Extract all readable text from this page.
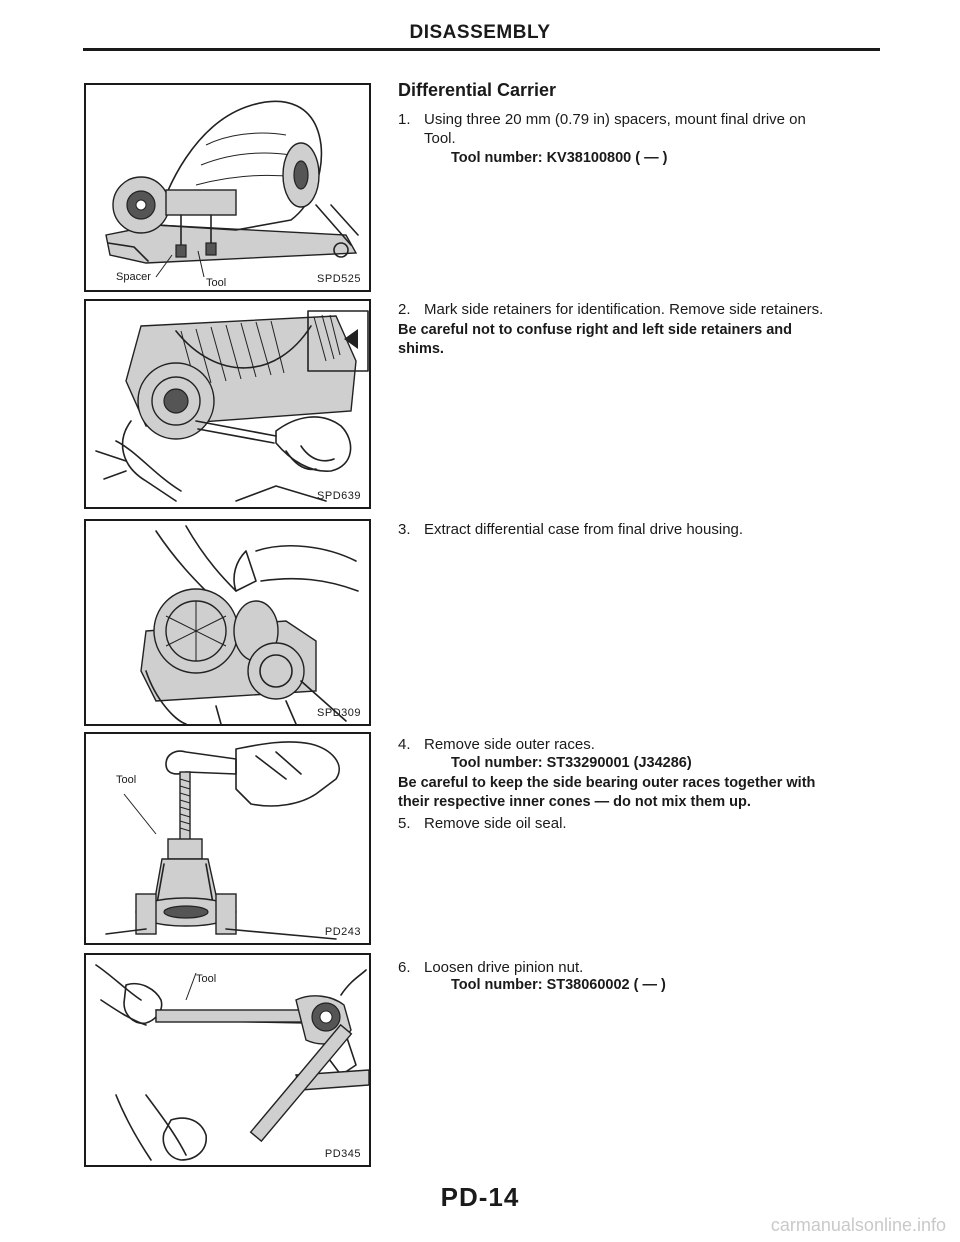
DISASSEMBLY
Spacer	Tool	SPD525
SPD639
SPD309
Tool
PD243
Tool
PD345
Differential Carrier
1. Using three 20 mm (0.79 in) spacers, mount final drive on
Tool.
Tool number: KV38100800 ( — )
2. Mark side retainers for identification. Remove side retainers.
Be careful not to confuse right and left side retainers and
shims.
3. Extract differential case from final drive housing.
4. Remove side outer races.
Tool number: ST33290001 (J34286)
Be careful to keep the side bearing outer races together with
their respective inner cones — do not mix them up.
5. Remove side oil seal.
6. Loosen drive pinion nut.
Tool number: ST38060002 ( — )
PD-14
carmanualsonline.info
